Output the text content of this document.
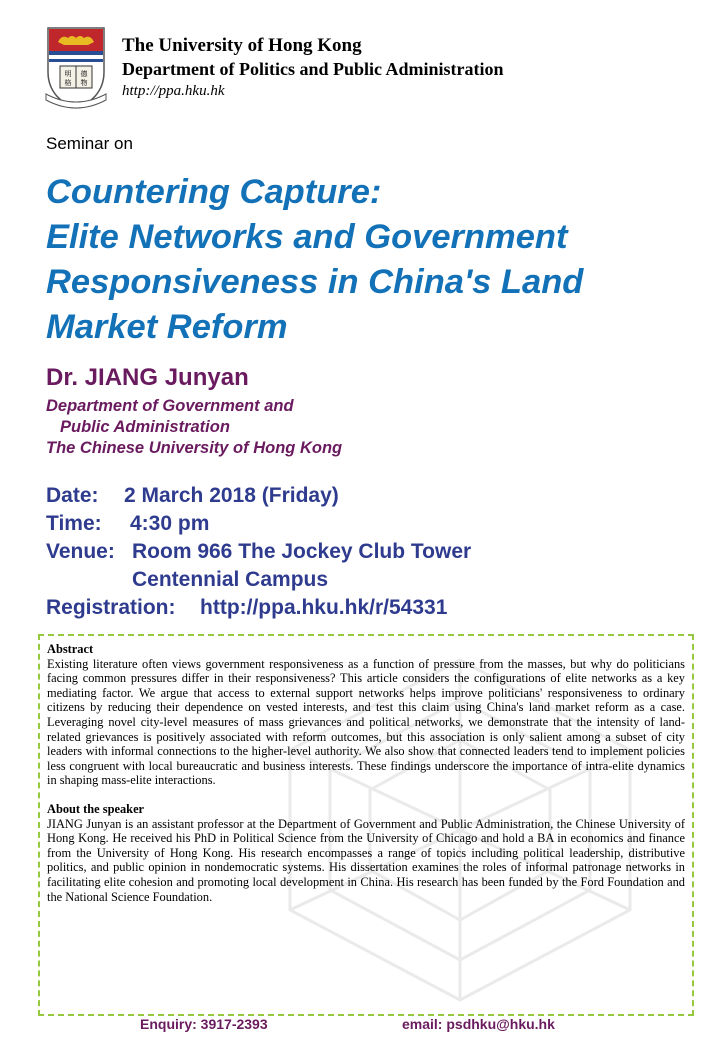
明 德
格 物
The University of Hong Kong
Department of Politics and Public Administration
http://ppa.hku.hk
Seminar on
Countering Capture:
Elite Networks and Government
Responsiveness in China's Land
Market Reform
Dr. JIANG Junyan
Department of Government and
Public Administration
The Chinese University of Hong Kong
Date: 2 March 2018 (Friday)
Time: 4:30 pm
Venue: Room 966 The Jockey Club Tower
Centennial Campus
Registration: http://ppa.hku.hk/r/54331
Abstract

Existing literature often views government responsiveness as a function of pressure from the masses, but why do politicians facing common pressures differ in their responsiveness? This article considers the configurations of elite networks as a key mediating factor. We argue that access to external support networks helps improve politicians' responsiveness to ordinary citizens by reducing their dependence on vested interests, and test this claim using China's land market reform as a case. Leveraging novel city-level measures of mass grievances and political networks, we demonstrate that the intensity of land-related grievances is positively associated with reform outcomes, but this association is only salient among a subset of city leaders with informal connections to the higher-level authority. We also show that connected leaders tend to implement policies less congruent with local bureaucratic and business interests. These findings underscore the importance of intra-elite dynamics in shaping mass-elite interactions.

About the speaker

JIANG Junyan is an assistant professor at the Department of Government and Public Administration, the Chinese University of Hong Kong. He received his PhD in Political Science from the University of Chicago and hold a BA in economics and finance from the University of Hong Kong. His research encompasses a range of topics including political leadership, distributive politics, and public opinion in nondemocratic systems. His dissertation examines the roles of informal patronage networks in facilitating elite cohesion and promoting local development in China. His research has been funded by the Ford Foundation and the National Science Foundation.

Enquiry: 3917-2393	email: psdhku@hku.hk
